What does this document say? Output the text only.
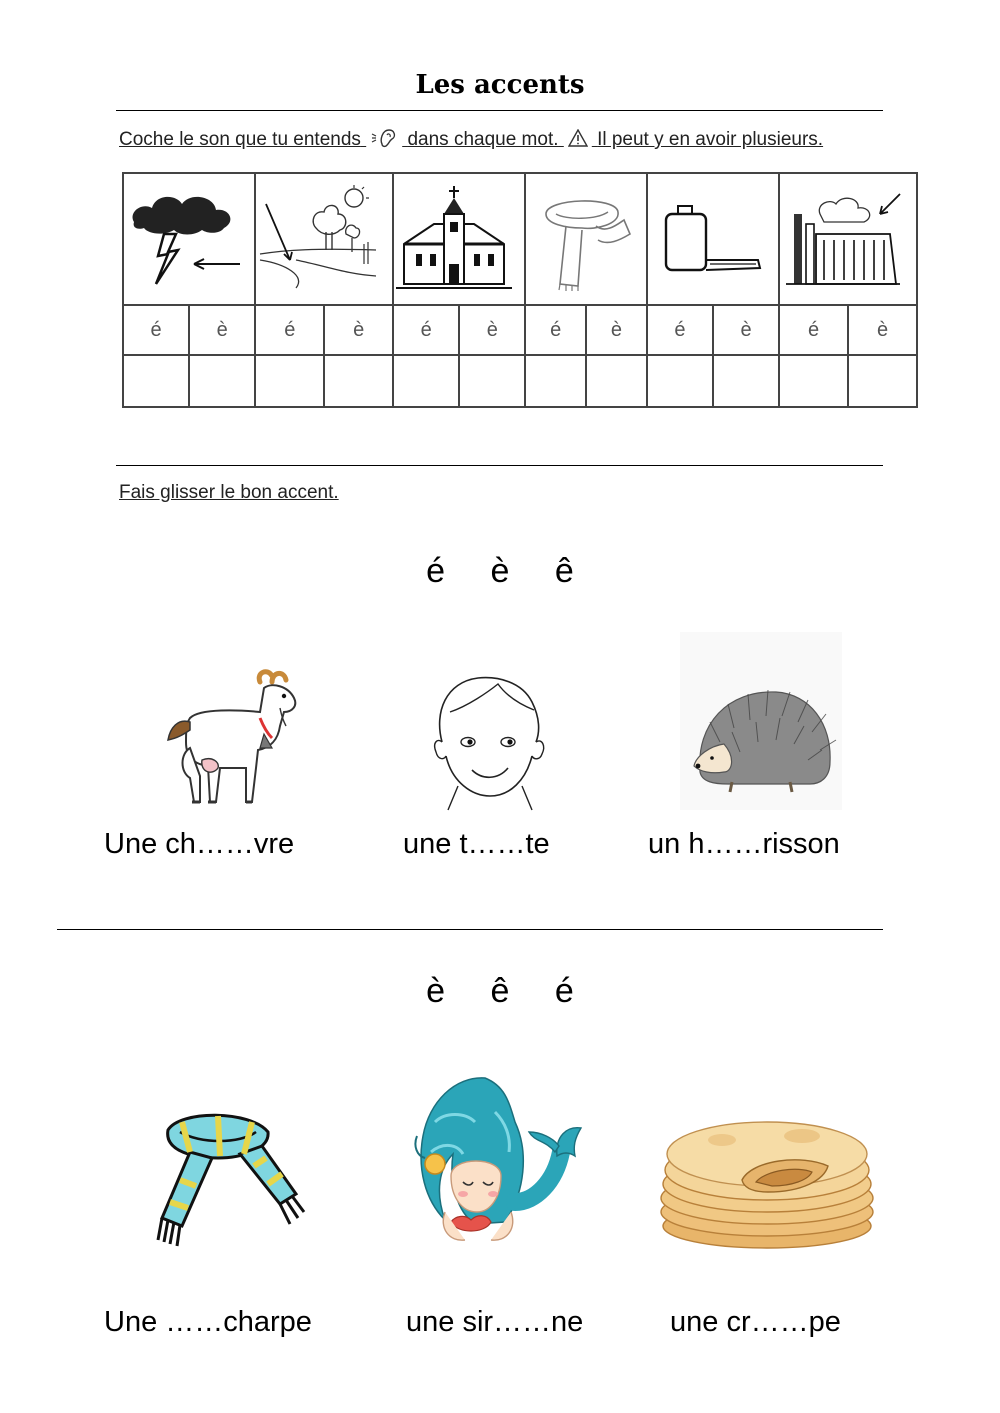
Les accents
Coche le son que tu entends dans chaque mot. Il peut y en avoir plusieurs.

é	è	é	è	é	è	é	è	é	è	é	è

Fais glisser le bon accent.
é è ê
Une ch……vre	une t……te	un h……risson
è ê é
Une ……charpe	une sir……ne	une cr……pe
